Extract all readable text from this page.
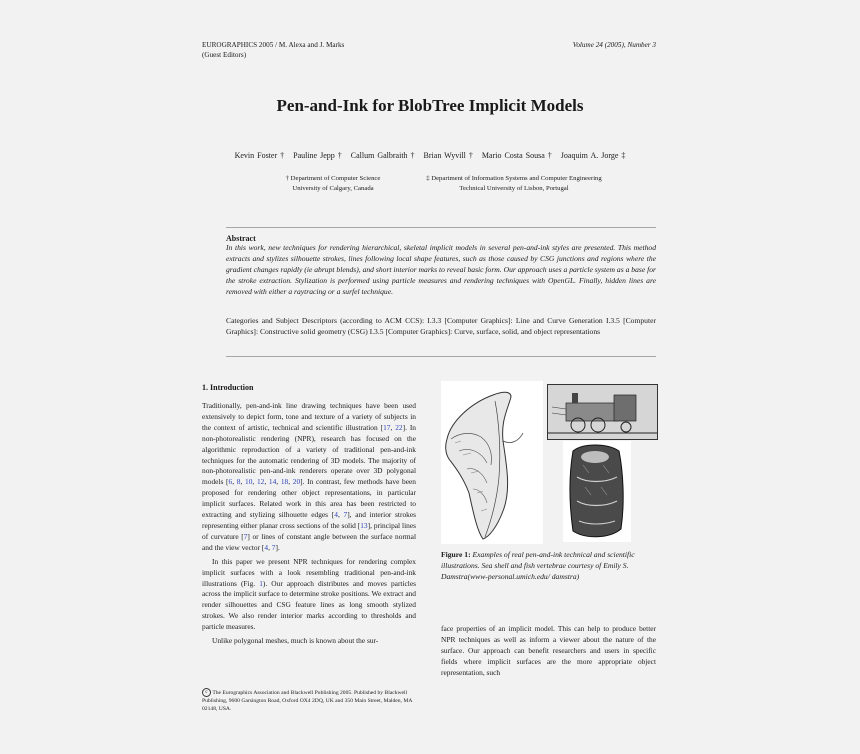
EUROGRAPHICS 2005 / M. Alexa and J. Marks
(Guest Editors)
Volume 24 (2005), Number 3
Pen-and-Ink for BlobTree Implicit Models
Kevin Foster †   Pauline Jepp †   Callum Galbraith †   Brian Wyvill †   Mario Costa Sousa †   Joaquim A. Jorge ‡
† Department of Computer Science
University of Calgary, Canada
‡ Department of Information Systems and Computer Engineering
Technical University of Lisbon, Portugal
Abstract
In this work, new techniques for rendering hierarchical, skeletal implicit models in several pen-and-ink styles are presented. This method extracts and stylizes silhouette strokes, lines following local shape features, such as those caused by CSG junctions and regions where the gradient changes rapidly (ie abrupt blends), and short interior marks to reveal basic form. Our approach uses a particle system as a base for the stroke extraction. Stylization is performed using particle measures and rendering techniques with OpenGL. Finally, hidden lines are removed with either a raytracing or a surfel technique.
Categories and Subject Descriptors (according to ACM CCS): I.3.3 [Computer Graphics]: Line and Curve Generation I.3.5 [Computer Graphics]: Constructive solid geometry (CSG) I.3.5 [Computer Graphics]: Curve, surface, solid, and object representations
1. Introduction

Traditionally, pen-and-ink line drawing techniques have been used extensively to depict form, tone and texture of a variety of subjects in the context of artistic, technical and scientific illustration [17, 22]. In non-photorealistic rendering (NPR), research has focused on the algorithmic reproduction of a variety of traditional pen-and-ink techniques for the automatic rendering of 3D models. The majority of non-photorealistic pen-and-ink renderers operate over 3D polygonal models [6, 8, 10, 12, 14, 18, 20]. In contrast, few methods have been proposed for rendering other object representations, in particular implicit surfaces. Related work in this area has been restricted to extracting and stylizing silhouette edges [4, 7], and interior strokes representing either planar cross sections of the solid [13], principal lines of curvature [7] or lines of constant angle between the surface normal and the view vector [4, 7].

In this paper we present NPR techniques for rendering complex implicit surfaces with a look resembling traditional pen-and-ink illustrations (Fig. 1). Our approach distributes and moves particles across the implicit surface to determine stroke positions. We extract and render silhouettes and CSG feature lines as long smooth stylized strokes. We also render interior marks according to thresholds and particle measures.

Unlike polygonal meshes, much is known about the sur-

c The Eurographics Association and Blackwell Publishing 2005. Published by Blackwell Publishing, 9600 Garsington Road, Oxford OX4 2DQ, UK and 350 Main Street, Malden, MA 02148, USA.
Figure 1: Examples of real pen-and-ink technical and scientific illustrations. Sea shell and fish vertebrae courtesy of Emily S. Damstra(www-personal.umich.edu/ damstra)

face properties of an implicit model. This can help to produce better NPR techniques as well as inform a viewer about the nature of the surface. Our approach can benefit researchers and users in specific fields where implicit surfaces are the more appropriate object representation, such
